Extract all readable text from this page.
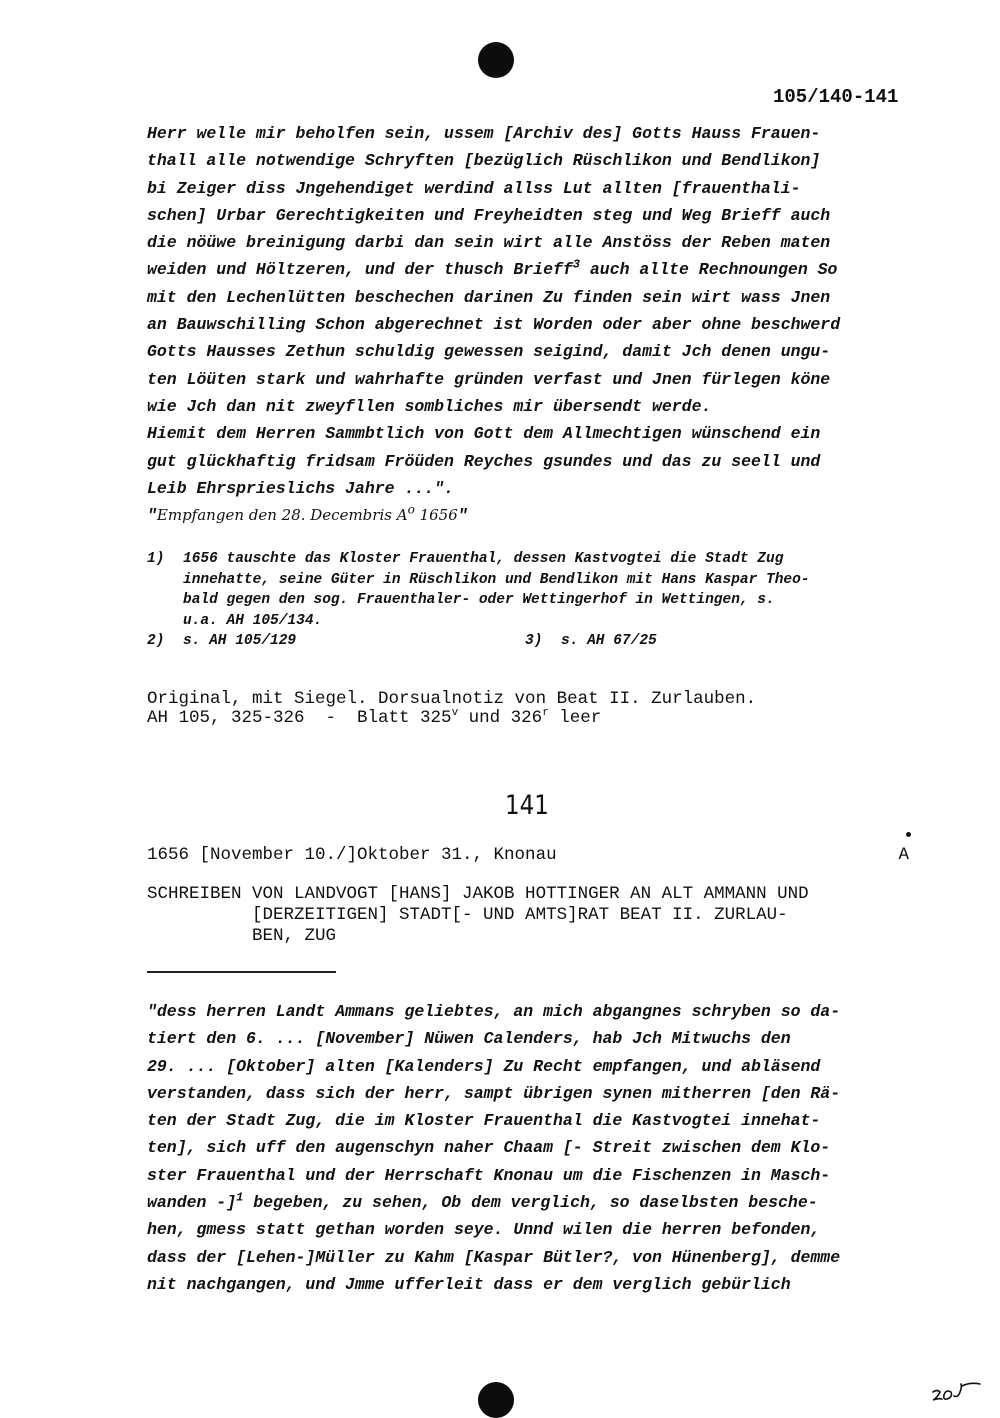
105/140-141
Herr welle mir beholfen sein, ussem [Archiv des] Gotts Hauss Frauen-
thall alle notwendige Schryften [bezüglich Rüschlikon und Bendlikon]
bi Zeiger diss Jngehendiget werdind allss Lut allten [frauenthali-
schen] Urbar Gerechtigkeiten und Freyheidten steg und Weg Brieff auch
die nöüwe breinigung darbi dan sein wirt alle Anstöss der Reben maten
weiden und Höltzeren, und der thusch Brieff$^3$ auch allte Rechnoungen So
mit den Lechenlütten beschechen darinen Zu finden sein wirt wass Jnen
an Bauwschilling Schon abgerechnet ist Worden oder aber ohne beschwerd
Gotts Hausses Zethun schuldig gewessen seigind, damit Jch denen ungu-
ten Löüten stark und wahrhafte gründen verfast und Jnen fürlegen köne
wie Jch dan nit zweyfllen sombliches mir übersendt werde.
Hiemit dem Herren Sammbtlich von Gott dem Allmechtigen wünschend ein
gut glückhaftig fridsam Fröüden Reyches gsundes und das zu seell und
Leib Ehrsprieslichs Jahre ...".
"Empfangen den 28. Decembris $A^o$ 1656"
1)	1656 tauschte das Kloster Frauenthal, dessen Kastvogtei die Stadt Zug
innehatte, seine Güter in Rüschlikon und Bendlikon mit Hans Kaspar Theo-
bald gegen den sog. Frauenthaler- oder Wettingerhof in Wettingen, s.
u.a. AH 105/134.
2)	s. AH 105/129	3)	s. AH 67/25
Original, mit Siegel. Dorsualnotiz von Beat II. Zurlauben.
AH 105, 325-326  -  Blatt 325$^v$ und 326$^r$ leer
141
1656 [November 10./]Oktober 31., Knonau	A
SCHREIBEN VON LANDVOGT [HANS] JAKOB HOTTINGER AN ALT AMMANN UND
[DERZEITIGEN] STADT[- UND AMTS]RAT BEAT II. ZURLAU-
BEN, ZUG
"dess herren Landt Ammans geliebtes, an mich abgangnes schryben so da-
tiert den 6. ... [November] Nüwen Calenders, hab Jch Mitwuchs den
29. ... [Oktober] alten [Kalenders] Zu Recht empfangen, und abläsend
verstanden, dass sich der herr, sampt übrigen synen mitherren [den Rä-
ten der Stadt Zug, die im Kloster Frauenthal die Kastvogtei innehat-
ten], sich uff den augenschyn naher Chaam [- Streit zwischen dem Klo-
ster Frauenthal und der Herrschaft Knonau um die Fischenzen in Masch-
wanden -]$^1$ begeben, zu sehen, Ob dem verglich, so daselbsten besche-
hen, gmess statt gethan worden seye. Unnd wilen die herren befonden,
dass der [Lehen-]Müller zu Kahm [Kaspar Bütler?, von Hünenberg], demme
nit nachgangen, und Jmme ufferleit dass er dem verglich gebürlich
